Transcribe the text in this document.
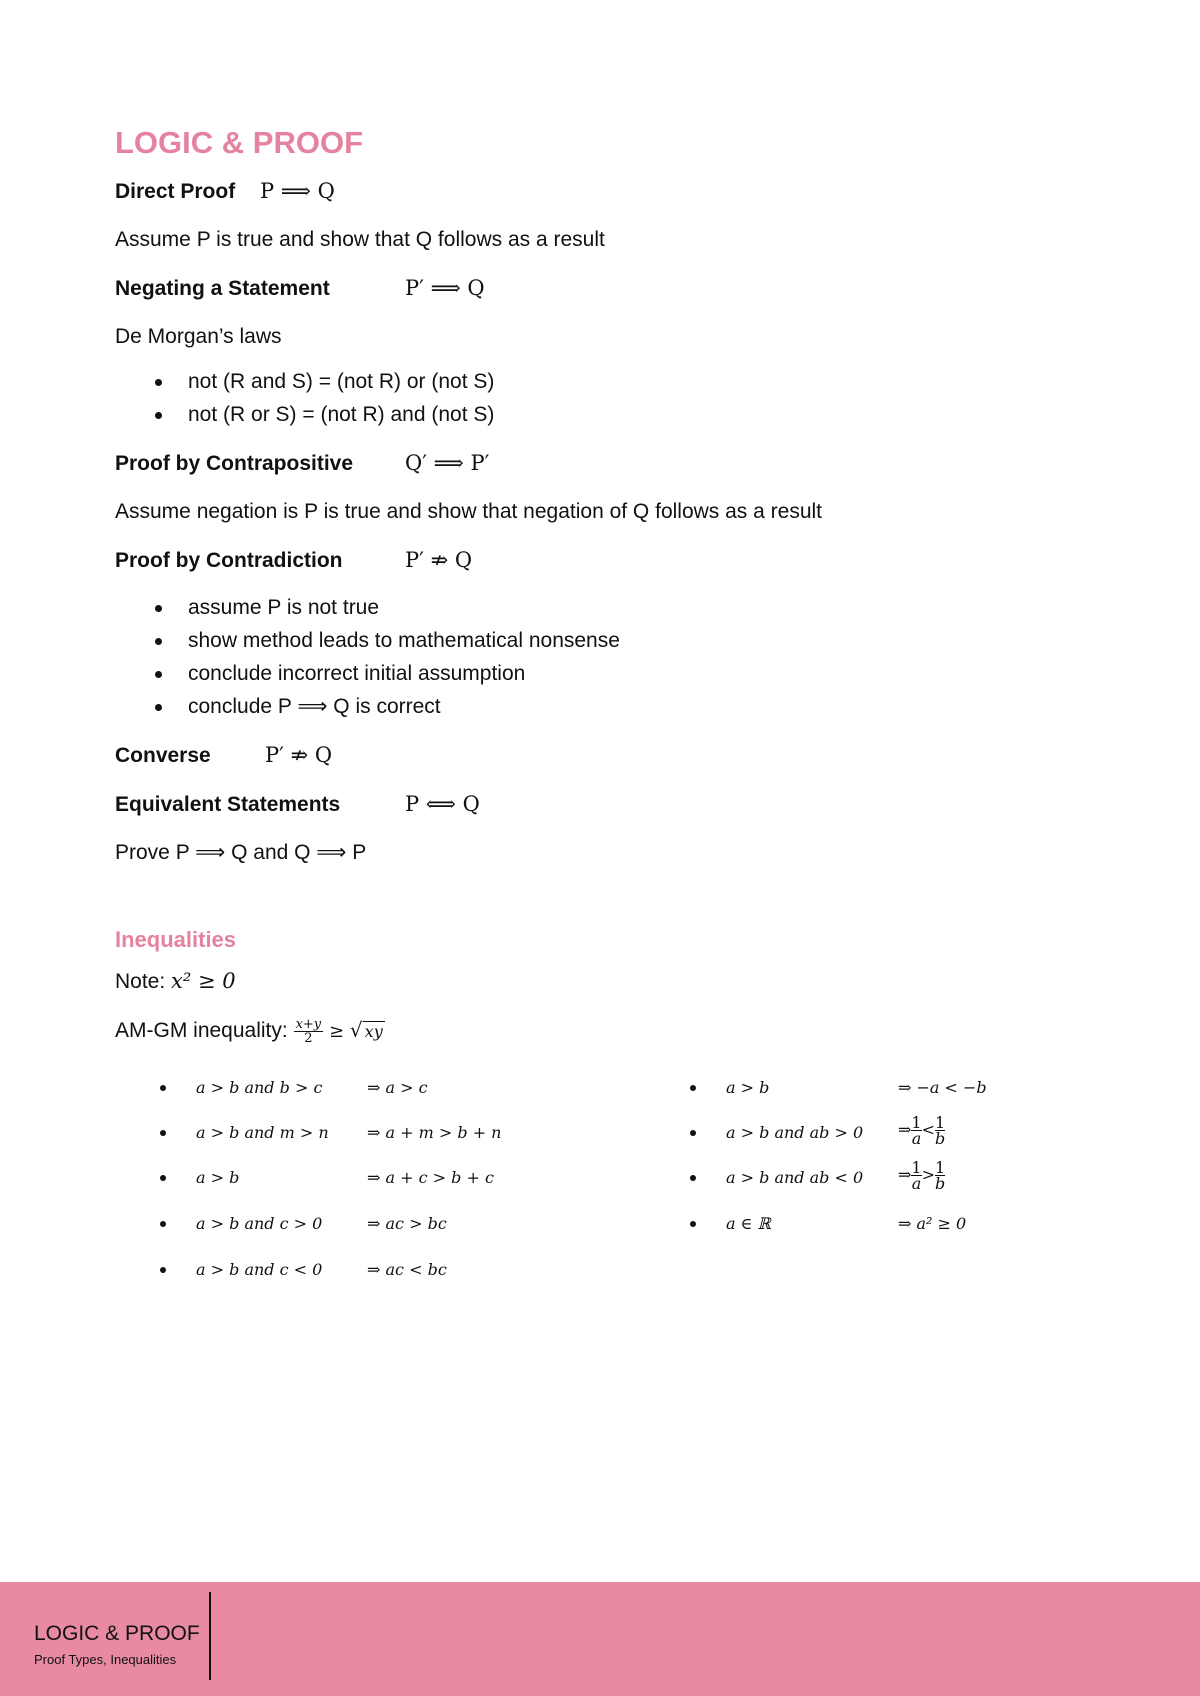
LOGIC & PROOF
Direct Proof P ⟹ Q
Assume P is true and show that Q follows as a result
Negating a Statement	P′ ⟹ Q
De Morgan’s laws
not (R and S) = (not R) or (not S)
not (R or S) = (not R) and (not S)
Proof by Contrapositive Q′ ⟹ P′
Assume negation is P is true and show that negation of Q follows as a result
Proof by Contradiction	P′ ⇏ Q
assume P is not true
show method leads to mathematical nonsense
conclude incorrect initial assumption
conclude P ⟹ Q is correct
Converse	P′ ⇏ Q
Equivalent Statements	P ⟺ Q
Prove P ⟹ Q and Q ⟹ P
Inequalities
Note: x² ≥ 0
AM-GM inequality: $\frac{x+y}{2}$ ≥ √ xy
a > b and b > c	⇒ a > c
a > b and m > n ⇒ a + m > b + n
a > b	⇒ a + c > b + c
a > b and c > 0	⇒ ac > bc
a > b and c < 0	⇒ ac < bc
a > b	⇒ −a < −b
a > b and ab > 0 ⇒ $\frac{1}{a} < \frac{1}{b}$
a > b and ab < 0 ⇒ $\frac{1}{a} > \frac{1}{b}$
a ∈ ℝ	⇒ a² ≥ 0
LOGIC & PROOF
Proof Types, Inequalities
